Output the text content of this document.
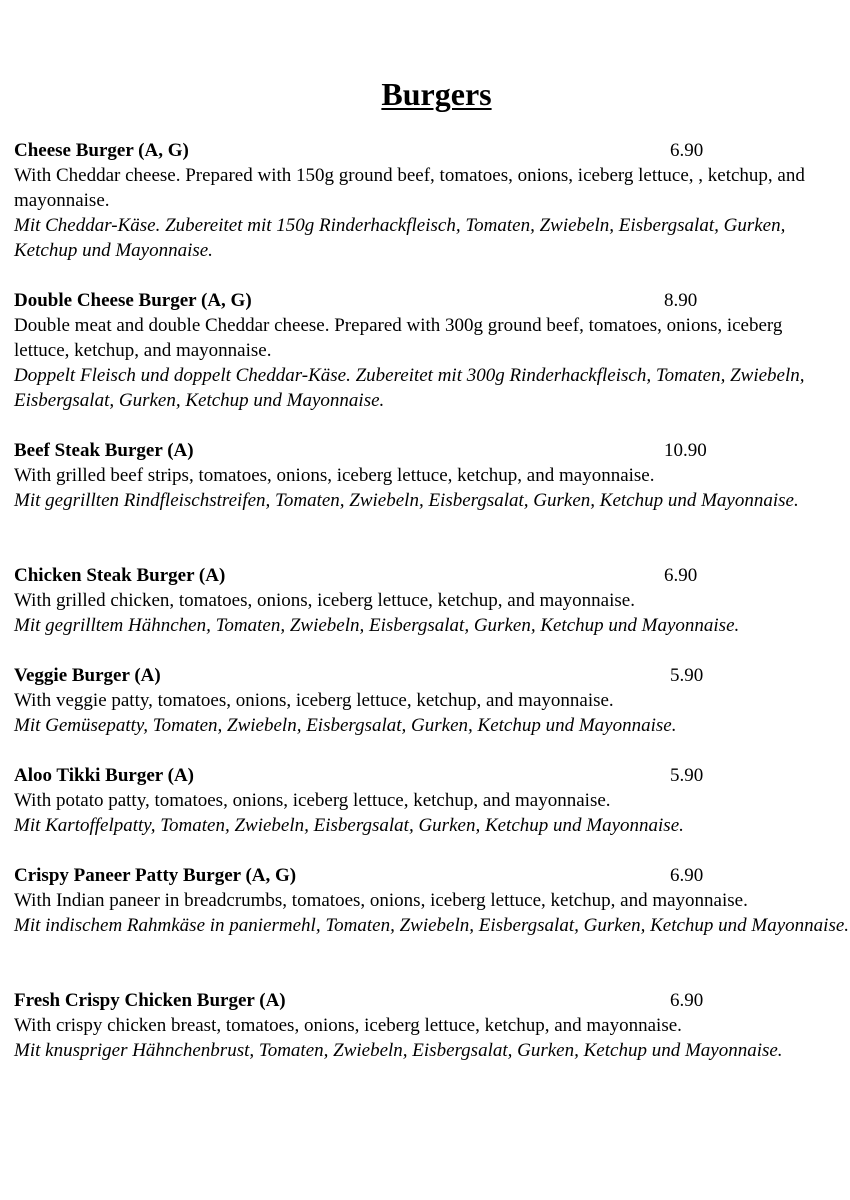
Burgers
Cheese Burger (A, G)	6.90

With Cheddar cheese. Prepared with 150g ground beef, tomatoes, onions, iceberg lettuce, , ketchup, and mayonnaise.

Mit Cheddar-Käse. Zubereitet mit 150g Rinderhackfleisch, Tomaten, Zwiebeln, Eisbergsalat, Gurken, Ketchup und Mayonnaise.

Double Cheese Burger (A, G)	8.90

Double meat and double Cheddar cheese. Prepared with 300g ground beef, tomatoes, onions, iceberg lettuce, ketchup, and mayonnaise.

Doppelt Fleisch und doppelt Cheddar-Käse. Zubereitet mit 300g Rinderhackfleisch, Tomaten, Zwiebeln, Eisbergsalat, Gurken, Ketchup und Mayonnaise.

Beef Steak Burger (A)	10.90

With grilled beef strips, tomatoes, onions, iceberg lettuce, ketchup, and mayonnaise.

Mit gegrillten Rindfleischstreifen, Tomaten, Zwiebeln, Eisbergsalat, Gurken, Ketchup und Mayonnaise.

Chicken Steak Burger (A)	6.90

With grilled chicken, tomatoes, onions, iceberg lettuce, ketchup, and mayonnaise.

Mit gegrilltem Hähnchen, Tomaten, Zwiebeln, Eisbergsalat, Gurken, Ketchup und Mayonnaise.

Veggie Burger (A)	5.90

With veggie patty, tomatoes, onions, iceberg lettuce, ketchup, and mayonnaise.

Mit Gemüsepatty, Tomaten, Zwiebeln, Eisbergsalat, Gurken, Ketchup und Mayonnaise.

Aloo Tikki Burger (A)	5.90

With potato patty, tomatoes, onions, iceberg lettuce, ketchup, and mayonnaise.

Mit Kartoffelpatty, Tomaten, Zwiebeln, Eisbergsalat, Gurken, Ketchup und Mayonnaise.

Crispy Paneer Patty Burger (A, G)	6.90

With Indian paneer in breadcrumbs, tomatoes, onions, iceberg lettuce, ketchup, and mayonnaise.

Mit indischem Rahmkäse in paniermehl, Tomaten, Zwiebeln, Eisbergsalat, Gurken, Ketchup und Mayonnaise.

Fresh Crispy Chicken Burger (A)	6.90

With crispy chicken breast, tomatoes, onions, iceberg lettuce, ketchup, and mayonnaise.

Mit knuspriger Hähnchenbrust, Tomaten, Zwiebeln, Eisbergsalat, Gurken, Ketchup und Mayonnaise.
